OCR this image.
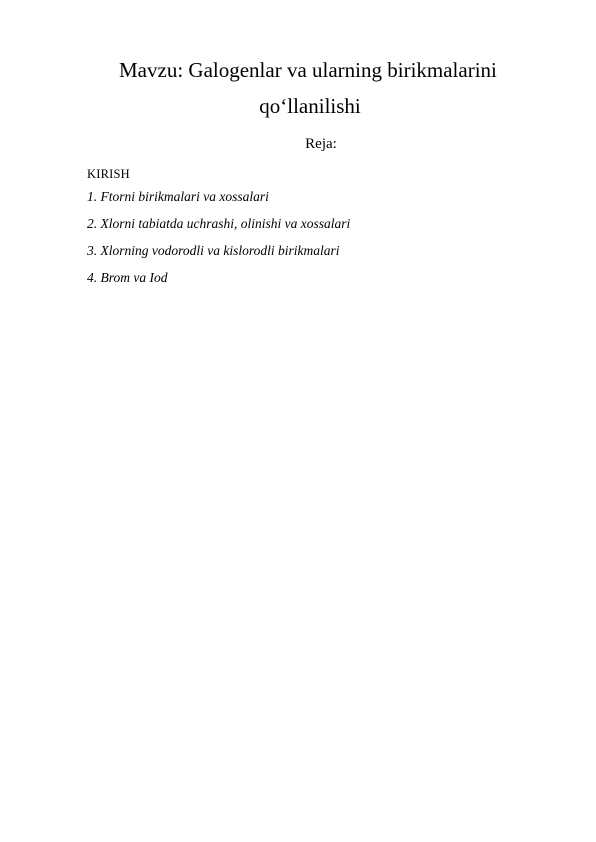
Mavzu: Galogenlar va ularning birikmalarini
qo‘llanilishi
Reja:
KIRISH
1. Ftorni birikmalari va xossalari
2. Xlorni tabiatda uchrashi, olinishi va xossalari
3. Xlorning vodorodli va kislorodli birikmalari
4. Brom va Iod
